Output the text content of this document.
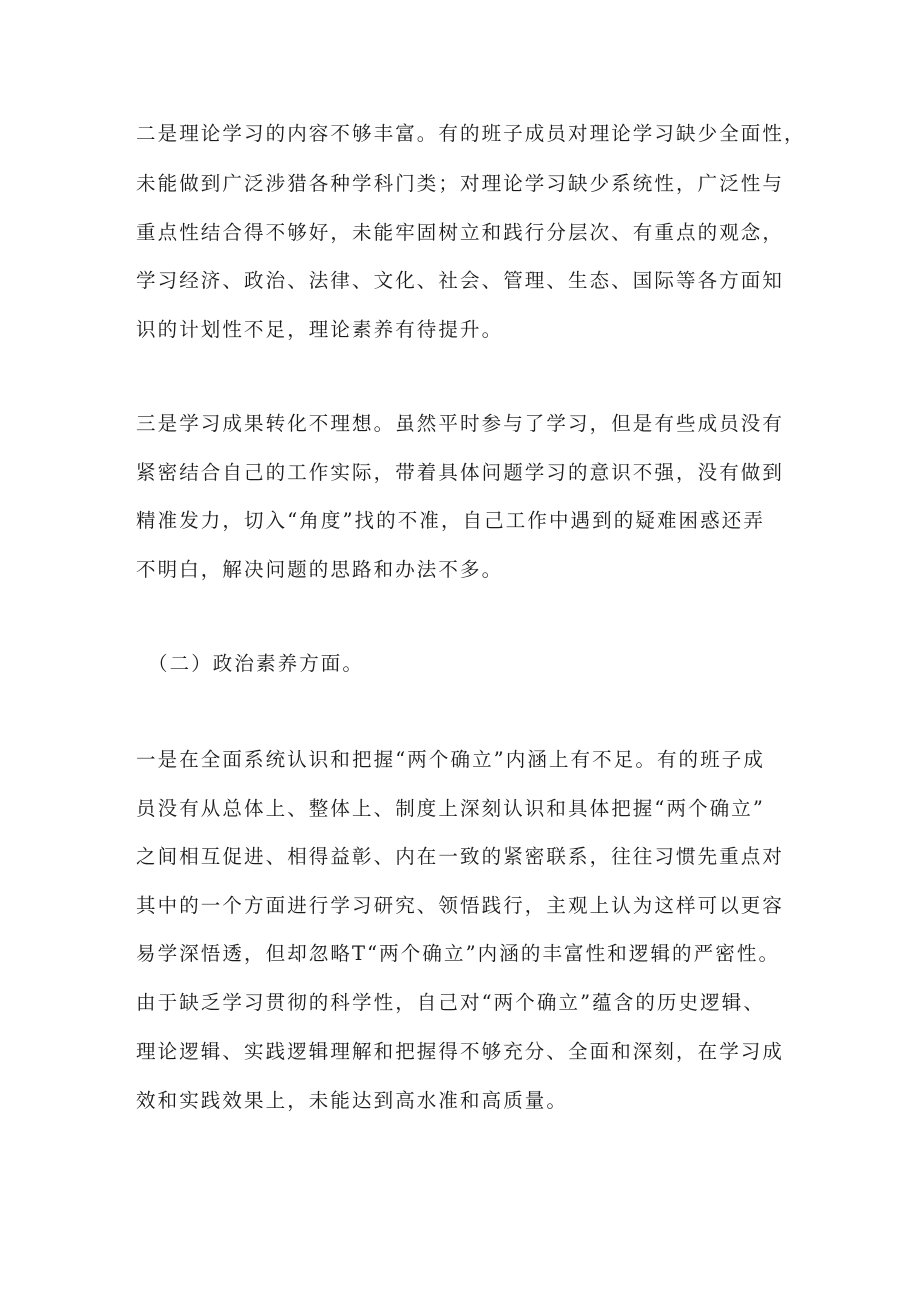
二是理论学习的内容不够丰富。有的班子成员对理论学习缺少全面性，
未能做到广泛涉猎各种学科门类；对理论学习缺少系统性，广泛性与
重点性结合得不够好，未能牢固树立和践行分层次、有重点的观念，
学习经济、政治、法律、文化、社会、管理、生态、国际等各方面知
识的计划性不足，理论素养有待提升。
三是学习成果转化不理想。虽然平时参与了学习，但是有些成员没有
紧密结合自己的工作实际，带着具体问题学习的意识不强，没有做到
精准发力，切入“角度”找的不准，自己工作中遇到的疑难困惑还弄
不明白，解决问题的思路和办法不多。
（二）政治素养方面。
一是在全面系统认识和把握“两个确立”内涵上有不足。有的班子成
员没有从总体上、整体上、制度上深刻认识和具体把握“两个确立”
之间相互促进、相得益彰、内在一致的紧密联系，往往习惯先重点对
其中的一个方面进行学习研究、领悟践行，主观上认为这样可以更容
易学深悟透，但却忽略T“两个确立”内涵的丰富性和逻辑的严密性。
由于缺乏学习贯彻的科学性，自己对“两个确立”蕴含的历史逻辑、
理论逻辑、实践逻辑理解和把握得不够充分、全面和深刻，在学习成
效和实践效果上，未能达到高水准和高质量。
